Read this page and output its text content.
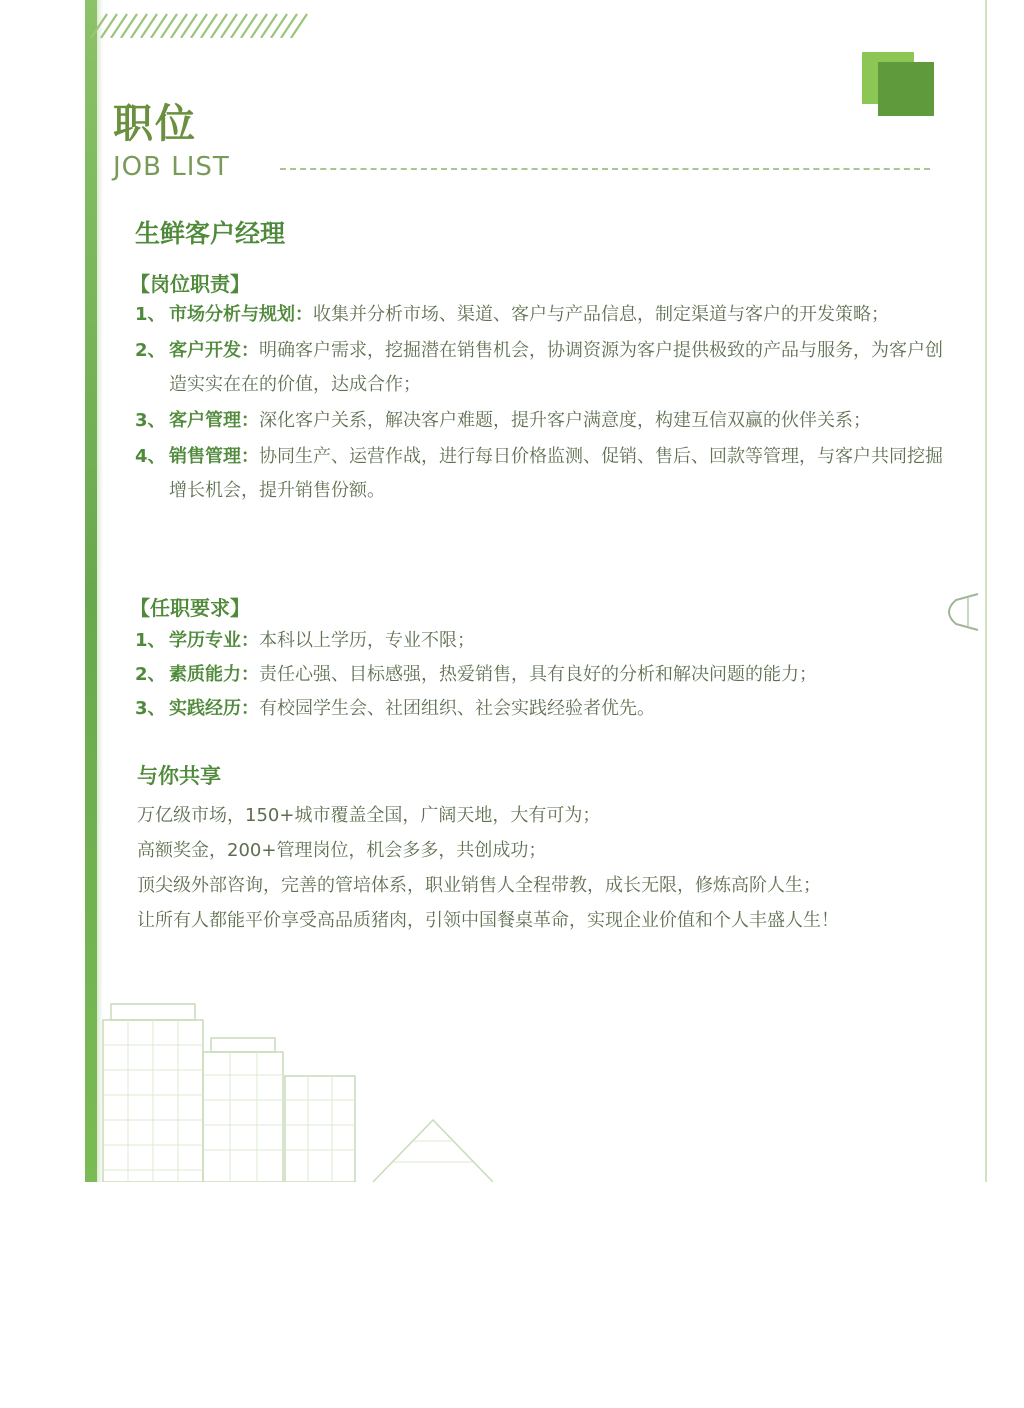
职位
JOB LIST
生鲜客户经理
【岗位职责】
1、 市场分析与规划：收集并分析市场、渠道、客户与产品信息，制定渠道与客户的开发策略；
2、 客户开发：明确客户需求，挖掘潜在销售机会，协调资源为客户提供极致的产品与服务，为客户创造实实在在的价值，达成合作；
3、 客户管理：深化客户关系，解决客户难题，提升客户满意度，构建互信双赢的伙伴关系；
4、 销售管理：协同生产、运营作战，进行每日价格监测、促销、售后、回款等管理，与客户共同挖掘增长机会，提升销售份额。
【任职要求】
1、 学历专业：本科以上学历，专业不限；
2、 素质能力：责任心强、目标感强，热爱销售，具有良好的分析和解决问题的能力；
3、 实践经历：有校园学生会、社团组织、社会实践经验者优先。
与你共享
万亿级市场，150+城市覆盖全国，广阔天地，大有可为；
高额奖金，200+管理岗位，机会多多，共创成功；
顶尖级外部咨询，完善的管培体系，职业销售人全程带教，成长无限，修炼高阶人生；
让所有人都能平价享受高品质猪肉，引领中国餐桌革命，实现企业价值和个人丰盛人生！
